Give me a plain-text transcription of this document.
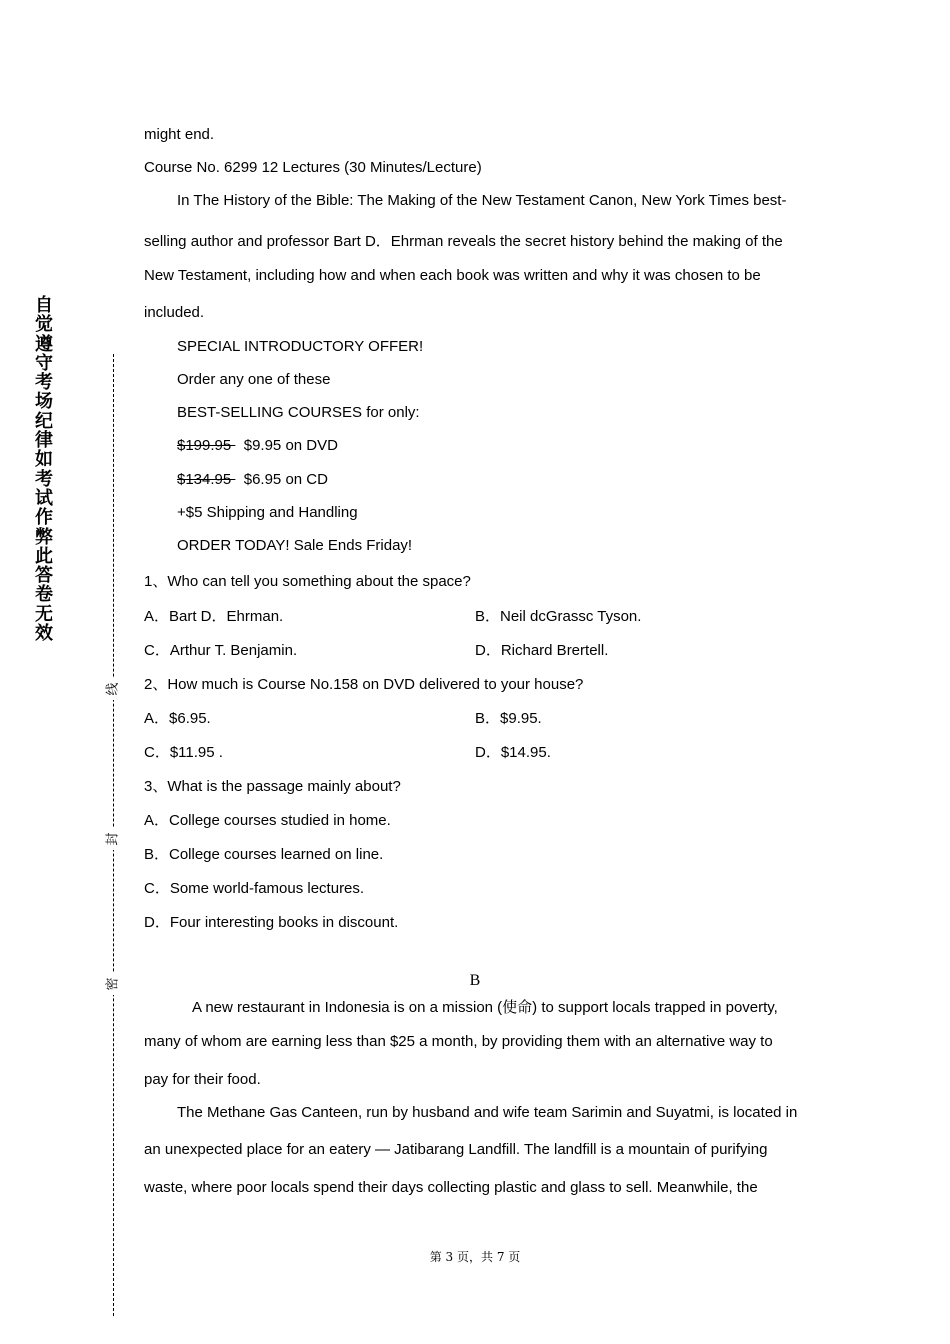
自觉遵守考场纪律如考试作弊此答卷无效
线
封
密
might end.
Course No. 6299 12 Lectures (30 Minutes/Lecture)
In The History of the Bible: The Making of the New Testament Canon, New York Times best-
selling author and professor Bart D．Ehrman reveals the secret history behind the making of the
New Testament, including how and when each book was written and why it was chosen to be
included.
SPECIAL INTRODUCTORY OFFER!
Order any one of these
BEST-SELLING COURSES for only:
$199.95   $9.95 on DVD
$134.95   $6.95 on CD
+$5 Shipping and Handling
ORDER TODAY! Sale Ends Friday!
1、Who can tell you something about the space?
A．Bart D．Ehrman.	B．Neil dcGrassc Tyson.
C．Arthur T. Benjamin.	D．Richard Brertell.
2、How much is Course No.158 on DVD delivered to your house?
A．$6.95.	B．$9.95.
C．$11.95 .	D．$14.95.
3、What is the passage mainly about?
A．College courses studied in home.
B．College courses learned on line.
C．Some world-famous lectures.
D．Four interesting books in discount.
B
A new restaurant in Indonesia is on a mission (使命) to support locals trapped in poverty,
many of whom are earning less than $25 a month, by providing them with an alternative way to
pay for their food.
The Methane Gas Canteen, run by husband and wife team Sarimin and Suyatmi, is located in
an unexpected place for an eatery — Jatibarang Landfill. The landfill is a mountain of purifying
waste, where poor locals spend their days collecting plastic and glass to sell. Meanwhile, the
第 3 页，共 7 页
